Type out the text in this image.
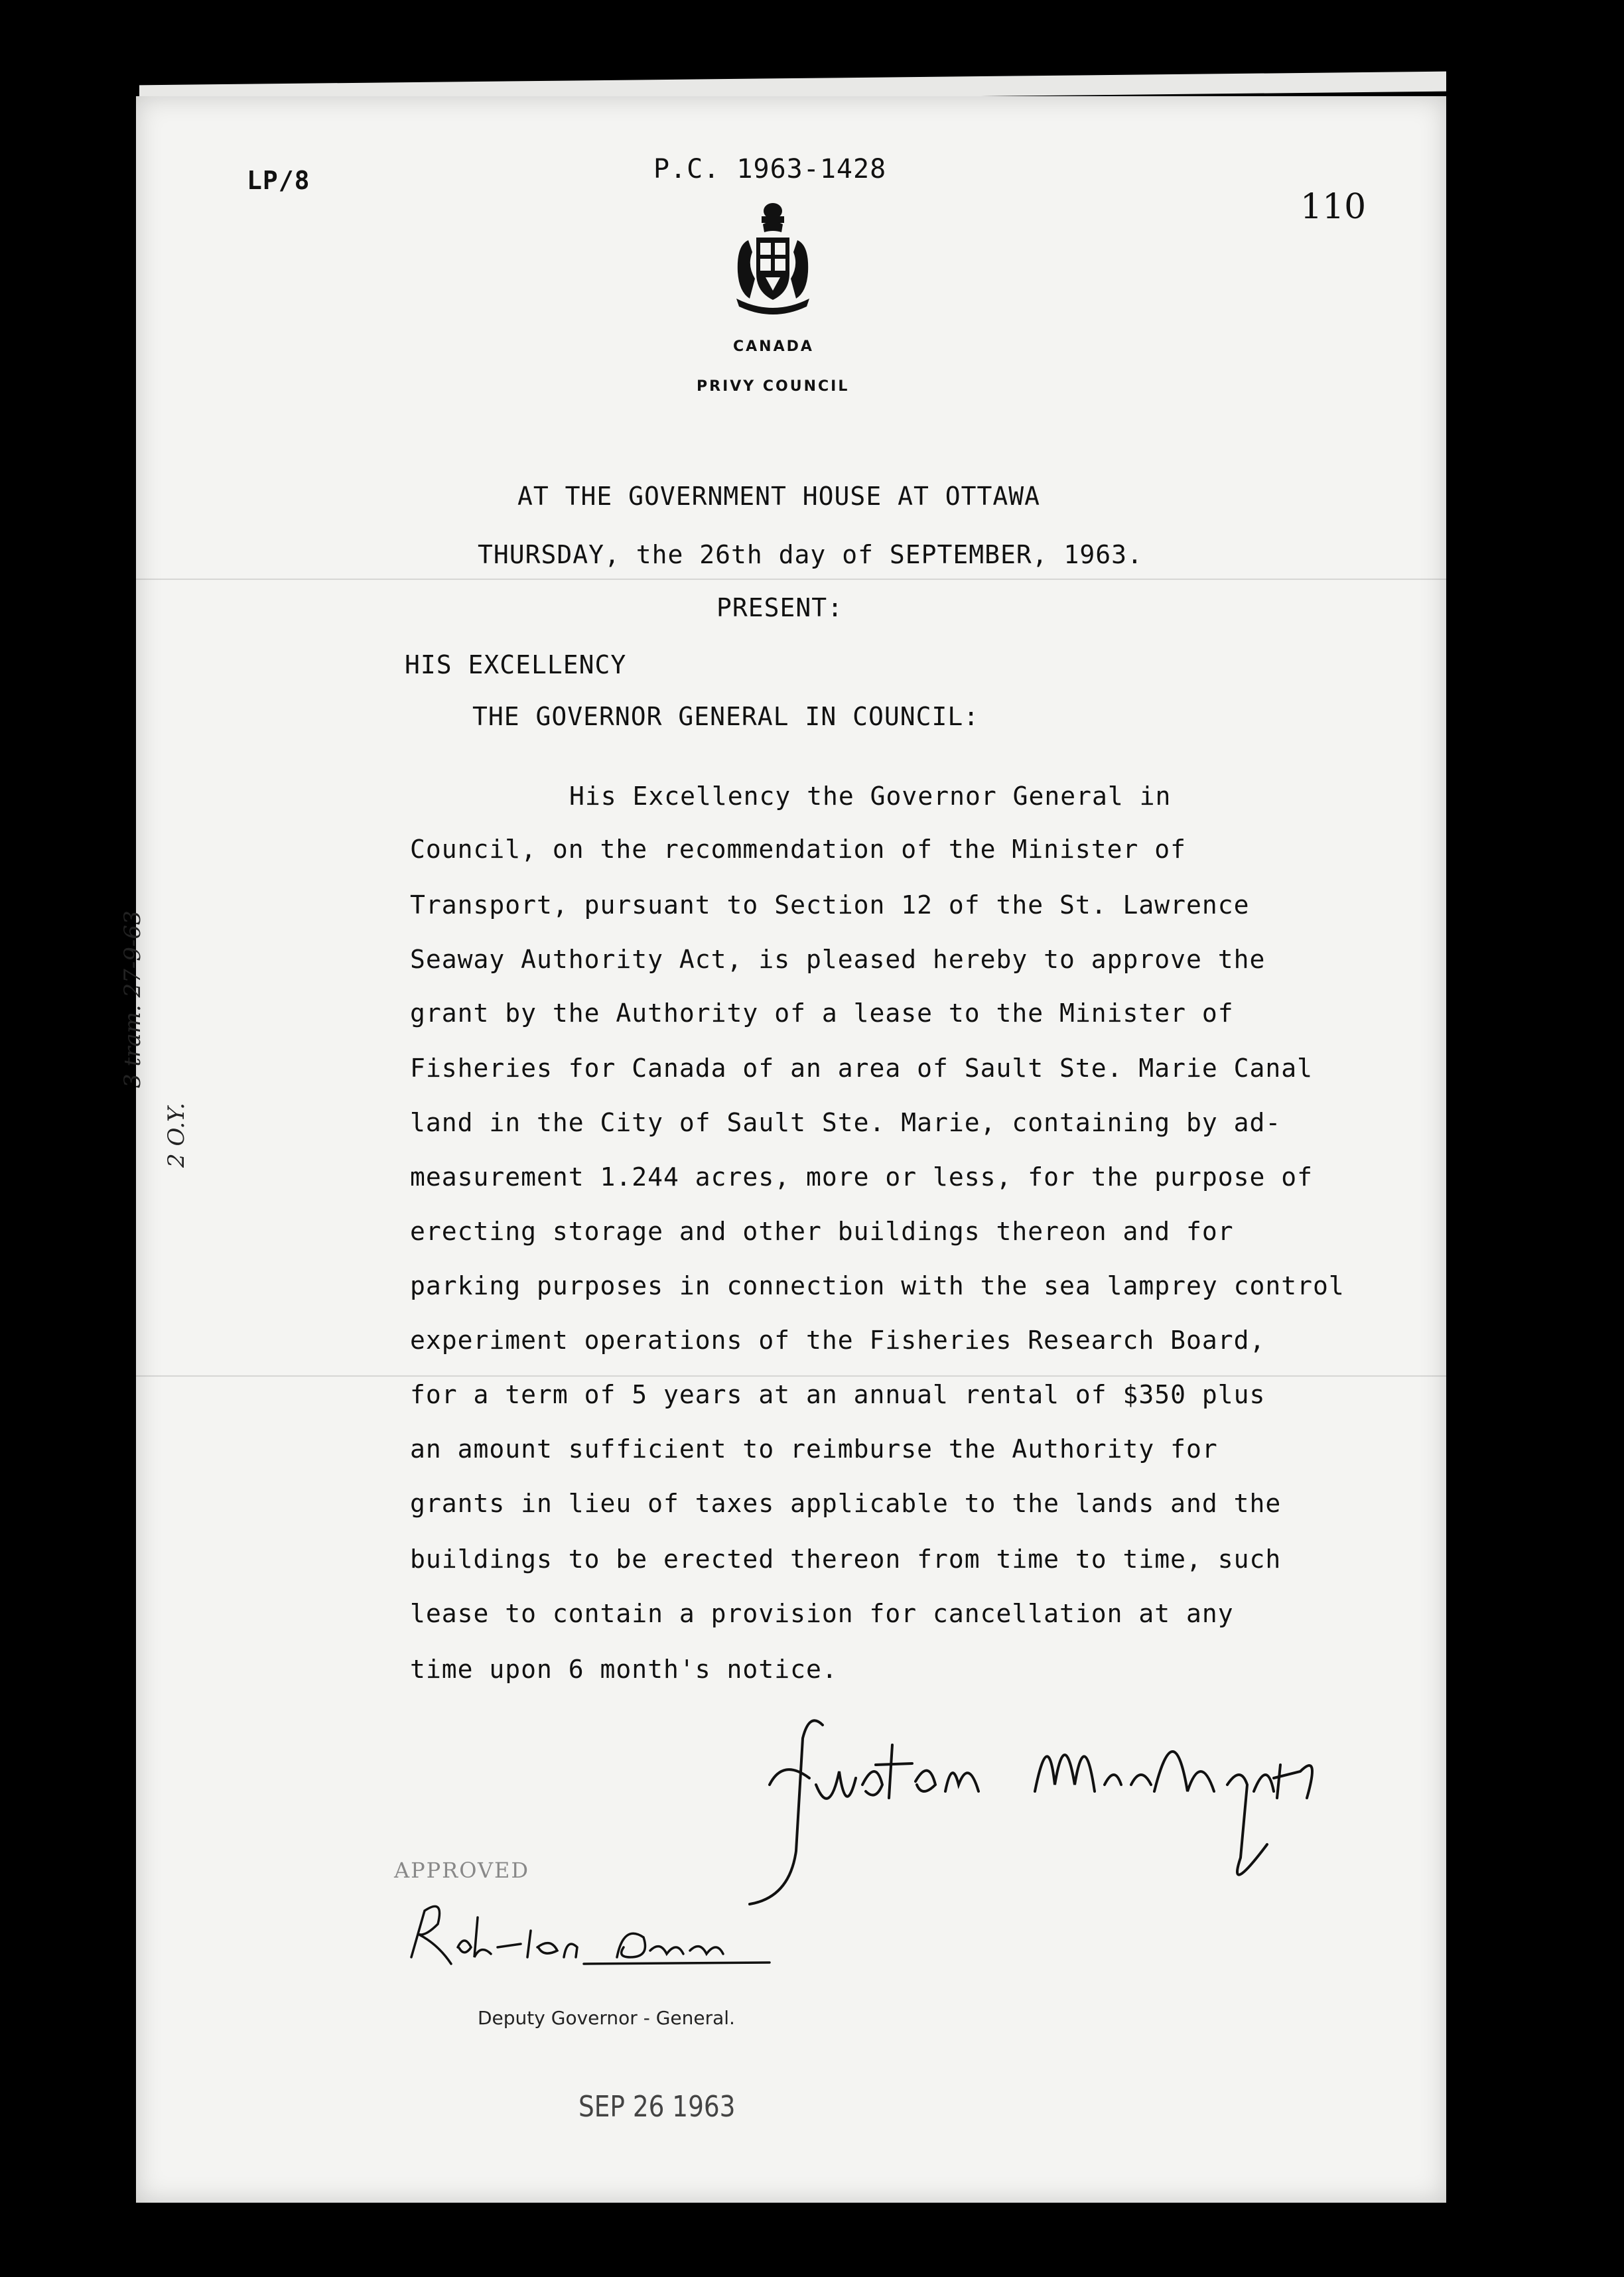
LP/8	P.C. 1963-1428
110
CANADA
PRIVY COUNCIL
AT THE GOVERNMENT HOUSE AT OTTAWA
THURSDAY, the 26th day of SEPTEMBER, 1963.
PRESENT:
HIS EXCELLENCY
THE GOVERNOR GENERAL IN COUNCIL:
His Excellency the Governor General in
Council, on the recommendation of the Minister of
Transport, pursuant to Section 12 of the St. Lawrence
Seaway Authority Act, is pleased hereby to approve the
grant by the Authority of a lease to the Minister of
Fisheries for Canada of an area of Sault Ste. Marie Canal
land in the City of Sault Ste. Marie, containing by ad-
measurement 1.244 acres, more or less, for the purpose of
erecting storage and other buildings thereon and for
parking purposes in connection with the sea lamprey control
experiment operations of the Fisheries Research Board,
for a term of 5 years at an annual rental of $350 plus
an amount sufficient to reimburse the Authority for
grants in lieu of taxes applicable to the lands and the
buildings to be erected thereon from time to time, such
lease to contain a provision for cancellation at any
time upon 6 month's notice.
3 tram. 27-9-63
2 O.Y.
APPROVED
Deputy Governor - General.
SEP 26 1963
